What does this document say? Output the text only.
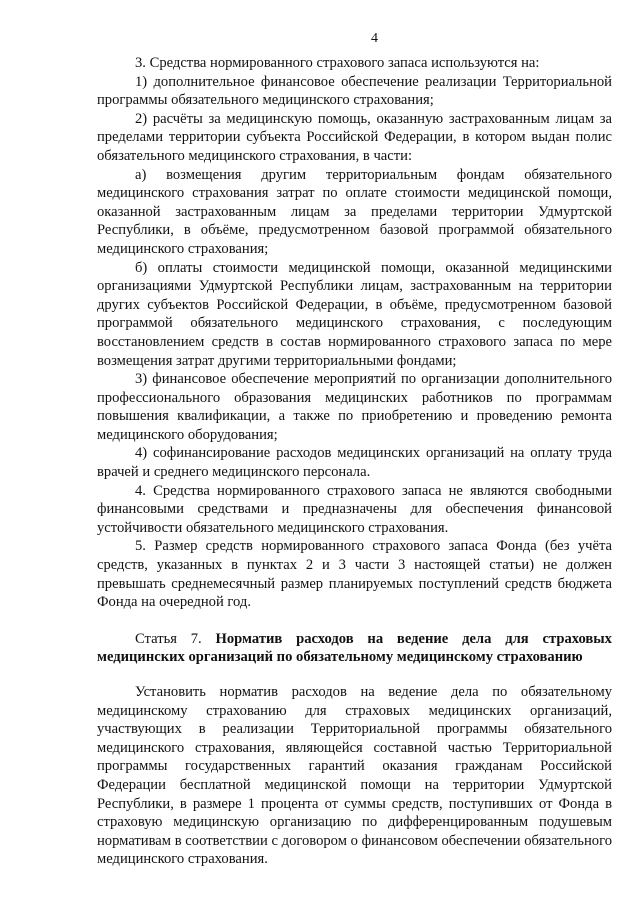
4

3. Средства нормированного страхового запаса используются на:

1) дополнительное финансовое обеспечение реализации Территориальной программы обязательного медицинского страхования;

2) расчёты за медицинскую помощь, оказанную застрахованным лицам за пределами территории субъекта Российской Федерации, в котором выдан полис обязательного медицинского страхования, в части:

а) возмещения другим территориальным фондам обязательного медицинского страхования затрат по оплате стоимости медицинской помощи, оказанной застрахованным лицам за пределами территории Удмуртской Республики, в объёме, предусмотренном базовой программой обязательного медицинского страхования;

б) оплаты стоимости медицинской помощи, оказанной медицинскими организациями Удмуртской Республики лицам, застрахованным на территории других субъектов Российской Федерации, в объёме, предусмотренном базовой программой обязательного медицинского страхования, с последующим восстановлением средств в состав нормированного страхового запаса по мере возмещения затрат другими территориальными фондами;

3) финансовое обеспечение мероприятий по организации дополнительного профессионального образования медицинских работников по программам повышения квалификации, а также по приобретению и проведению ремонта медицинского оборудования;

4) софинансирование расходов медицинских организаций на оплату труда врачей и среднего медицинского персонала.

4. Средства нормированного страхового запаса не являются свободными финансовыми средствами и предназначены для обеспечения финансовой устойчивости обязательного медицинского страхования.

5. Размер средств нормированного страхового запаса Фонда (без учёта средств, указанных в пунктах 2 и 3 части 3 настоящей статьи) не должен превышать среднемесячный размер планируемых поступлений средств бюджета Фонда на очередной год.

Статья 7. Норматив расходов на ведение дела для страховых медицинских организаций по обязательному медицинскому страхованию

Установить норматив расходов на ведение дела по обязательному медицинскому страхованию для страховых медицинских организаций, участвующих в реализации Территориальной программы обязательного медицинского страхования, являющейся составной частью Территориальной программы государственных гарантий оказания гражданам Российской Федерации бесплатной медицинской помощи на территории Удмуртской Республики, в размере 1 процента от суммы средств, поступивших от Фонда в страховую медицинскую организацию по дифференцированным подушевым нормативам в соответствии с договором о финансовом обеспечении обязательного медицинского страхования.
